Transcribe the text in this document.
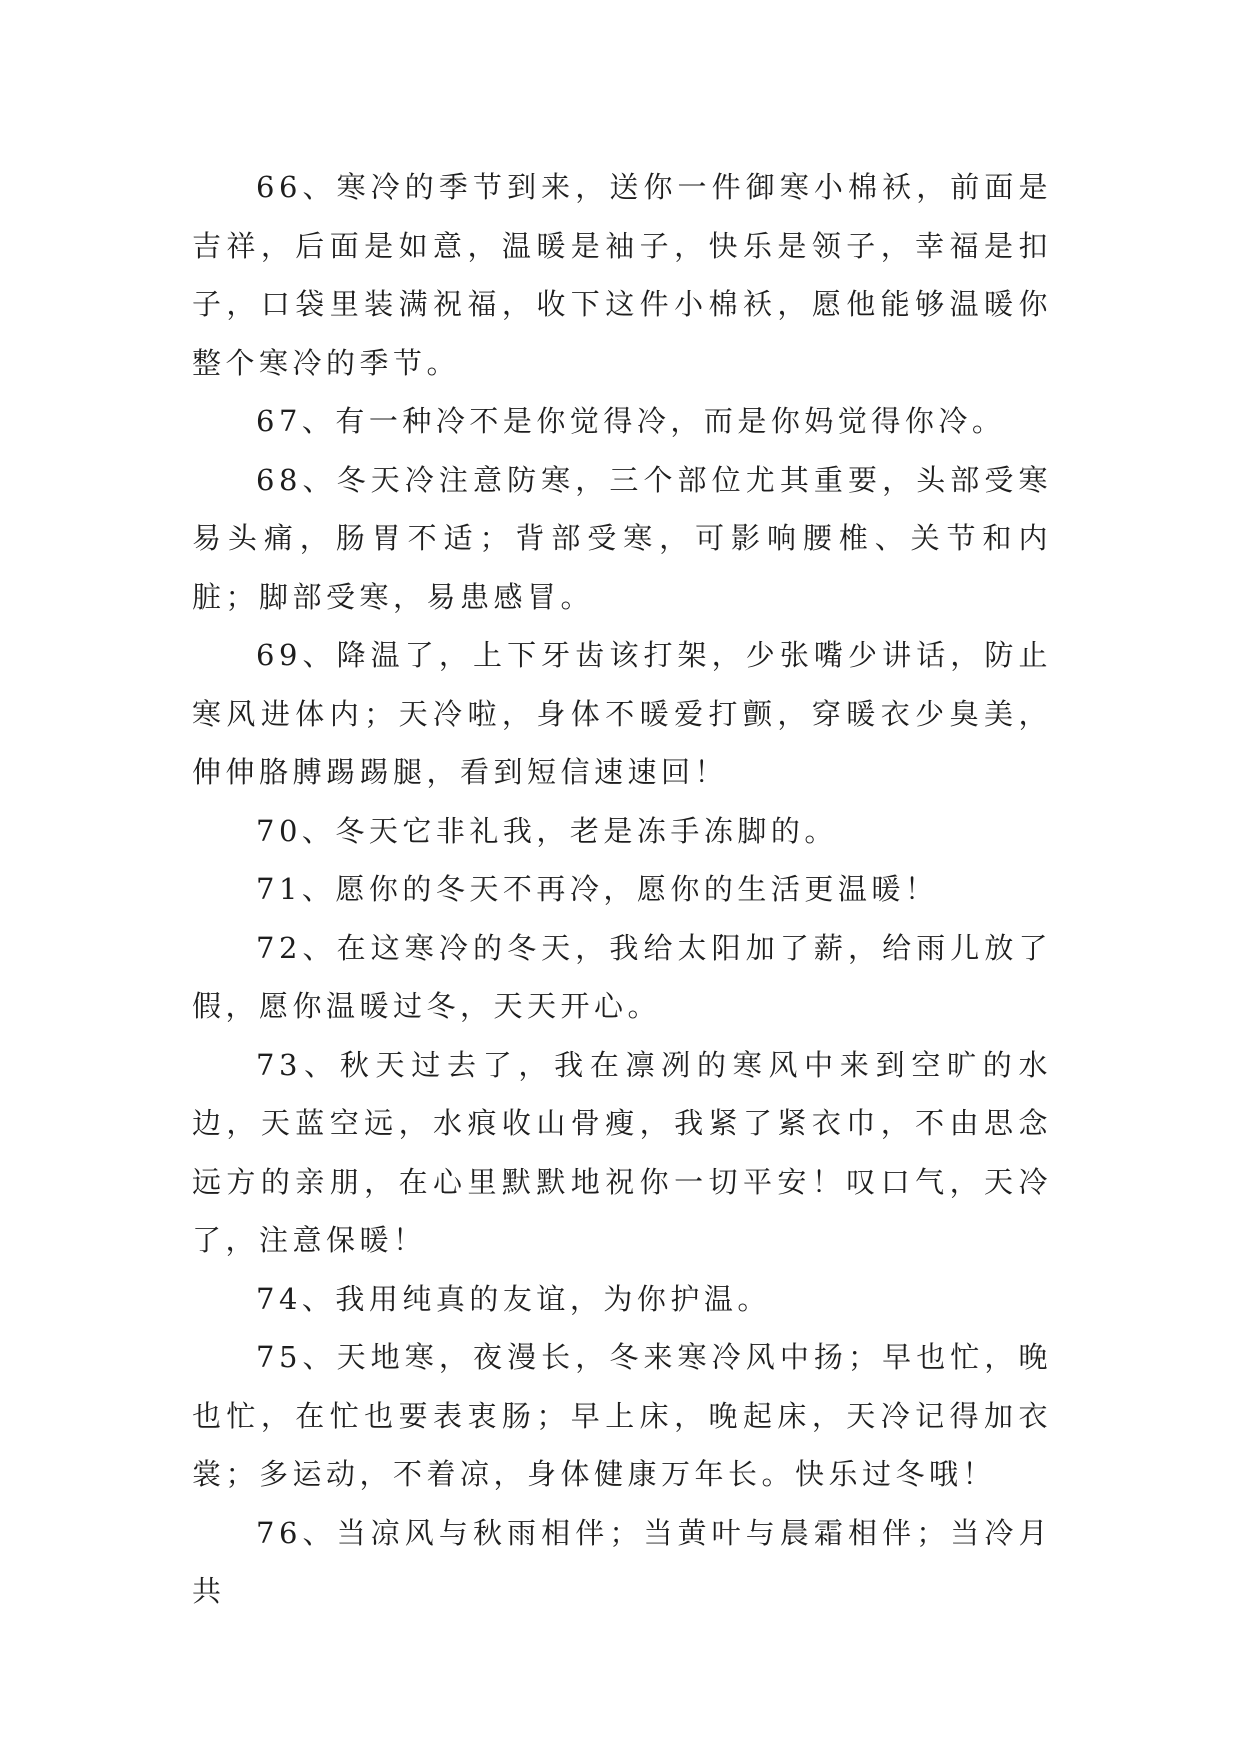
66、寒冷的季节到来，送你一件御寒小棉袄，前面是吉祥，后面是如意，温暖是袖子，快乐是领子，幸福是扣子，口袋里装满祝福，收下这件小棉袄，愿他能够温暖你整个寒冷的季节。

67、有一种冷不是你觉得冷，而是你妈觉得你冷。

68、冬天冷注意防寒，三个部位尤其重要，头部受寒易头痛，肠胃不适；背部受寒，可影响腰椎、关节和内脏；脚部受寒，易患感冒。

69、降温了，上下牙齿该打架，少张嘴少讲话，防止寒风进体内；天冷啦，身体不暖爱打颤，穿暖衣少臭美，伸伸胳膊踢踢腿，看到短信速速回！

70、冬天它非礼我，老是冻手冻脚的。

71、愿你的冬天不再冷，愿你的生活更温暖！

72、在这寒冷的冬天，我给太阳加了薪，给雨儿放了假，愿你温暖过冬，天天开心。

73、秋天过去了，我在凛冽的寒风中来到空旷的水边，天蓝空远，水痕收山骨瘦，我紧了紧衣巾，不由思念远方的亲朋，在心里默默地祝你一切平安！叹口气，天冷了，注意保暖！

74、我用纯真的友谊，为你护温。

75、天地寒，夜漫长，冬来寒冷风中扬；早也忙，晚也忙，在忙也要表衷肠；早上床，晚起床，天冷记得加衣裳；多运动，不着凉，身体健康万年长。快乐过冬哦！

76、当凉风与秋雨相伴；当黄叶与晨霜相伴；当冷月共
